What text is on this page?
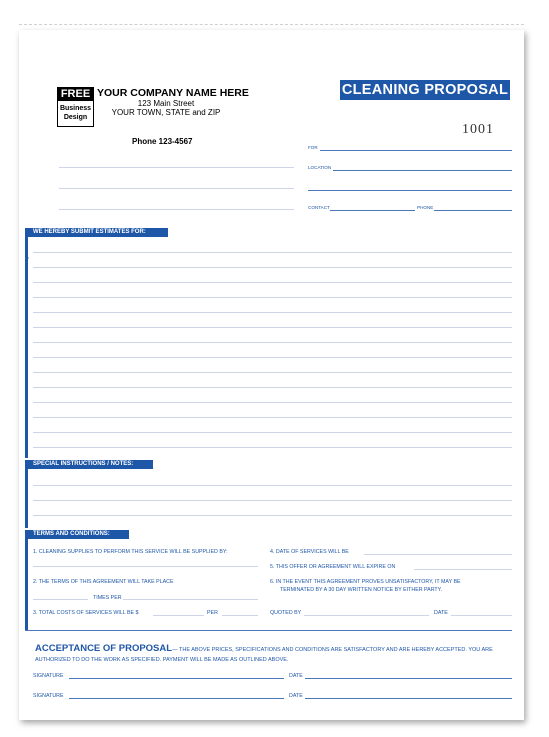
FREE
Business
Design
YOUR COMPANY NAME HERE
123 Main Street
YOUR TOWN, STATE and ZIP
Phone 123-4567
CLEANING PROPOSAL
1001
FOR
LOCATION
CONTACT	PHONE
WE HEREBY SUBMIT ESTIMATES FOR:
SPECIAL INSTRUCTIONS / NOTES:
TERMS AND CONDITIONS:
1. CLEANING SUPPLIES TO PERFORM THIS SERVICE WILL BE SUPPLIED BY:
2. THE TERMS OF THIS AGREEMENT WILL TAKE PLACE
TIMES PER
3. TOTAL COSTS OF SERVICES WILL BE $	PER
4. DATE OF SERVICES WILL BE
5. THIS OFFER OR AGREEMENT WILL EXPIRE ON
6. IN THE EVENT THIS AGREEMENT PROVES UNSATISFACTORY, IT MAY BE
TERMINATED BY A 30 DAY WRITTEN NOTICE BY EITHER PARTY.
QUOTED BY	DATE
ACCEPTANCE OF PROPOSAL— THE ABOVE PRICES, SPECIFICATIONS AND CONDITIONS ARE SATISFACTORY AND ARE HEREBY ACCEPTED. YOU ARE AUTHORIZED TO DO THE WORK AS SPECIFIED. PAYMENT WILL BE MADE AS OUTLINED ABOVE.
SIGNATURE	DATE
SIGNATURE	DATE
